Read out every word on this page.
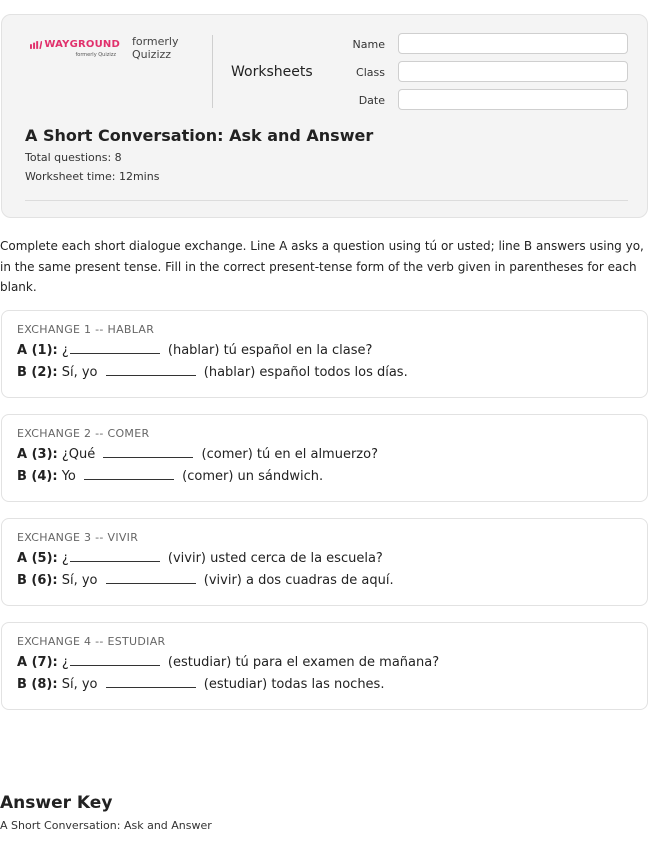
WAYGROUND
formerly Quizizz
formerly
Quizizz
Worksheets
Name
Class
Date
A Short Conversation: Ask and Answer
Total questions: 8
Worksheet time: 12mins
Complete each short dialogue exchange. Line A asks a question using tú or usted; line B answers using yo, in the same present tense. Fill in the correct present-tense form of the verb given in parentheses for each blank.
EXCHANGE 1 -- HABLAR
A (1): ¿	(hablar) tú español en la clase?
B (2): Sí, yo	(hablar) español todos los días.
EXCHANGE 2 -- COMER
A (3): ¿Qué	(comer) tú en el almuerzo?
B (4): Yo	(comer) un sándwich.
EXCHANGE 3 -- VIVIR
A (5): ¿	(vivir) usted cerca de la escuela?
B (6): Sí, yo	(vivir) a dos cuadras de aquí.
EXCHANGE 4 -- ESTUDIAR
A (7): ¿	(estudiar) tú para el examen de mañana?
B (8): Sí, yo	(estudiar) todas las noches.
Answer Key
A Short Conversation: Ask and Answer
